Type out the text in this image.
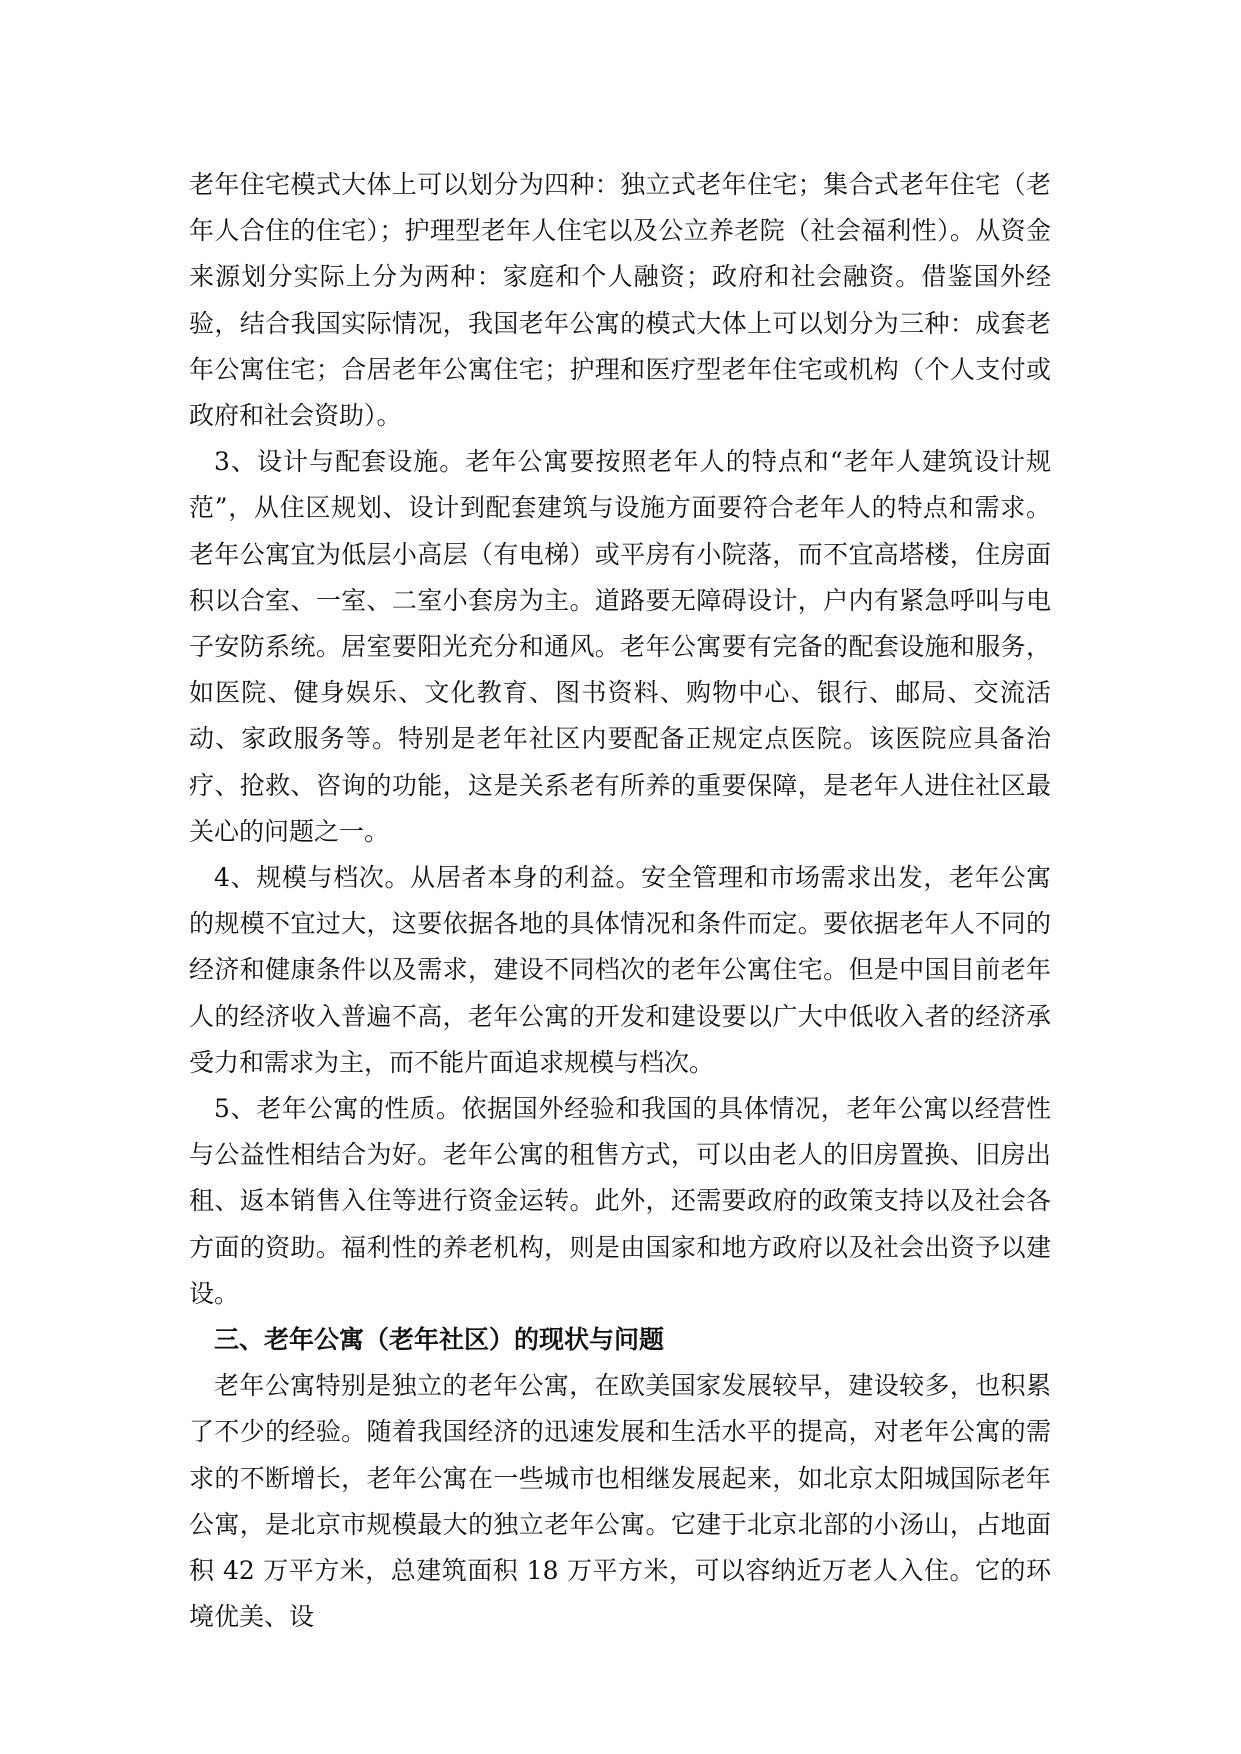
老年住宅模式大体上可以划分为四种：独立式老年住宅；集合式老年住宅（老年人合住的住宅）；护理型老年人住宅以及公立养老院（社会福利性）。从资金来源划分实际上分为两种：家庭和个人融资；政府和社会融资。借鉴国外经验，结合我国实际情况，我国老年公寓的模式大体上可以划分为三种：成套老年公寓住宅；合居老年公寓住宅；护理和医疗型老年住宅或机构（个人支付或政府和社会资助）。

3、设计与配套设施。老年公寓要按照老年人的特点和“老年人建筑设计规范”，从住区规划、设计到配套建筑与设施方面要符合老年人的特点和需求。老年公寓宜为低层小高层（有电梯）或平房有小院落，而不宜高塔楼，住房面积以合室、一室、二室小套房为主。道路要无障碍设计，户内有紧急呼叫与电子安防系统。居室要阳光充分和通风。老年公寓要有完备的配套设施和服务，如医院、健身娱乐、文化教育、图书资料、购物中心、银行、邮局、交流活动、家政服务等。特别是老年社区内要配备正规定点医院。该医院应具备治疗、抢救、咨询的功能，这是关系老有所养的重要保障，是老年人进住社区最关心的问题之一。

4、规模与档次。从居者本身的利益。安全管理和市场需求出发，老年公寓的规模不宜过大，这要依据各地的具体情况和条件而定。要依据老年人不同的经济和健康条件以及需求，建设不同档次的老年公寓住宅。但是中国目前老年人的经济收入普遍不高，老年公寓的开发和建设要以广大中低收入者的经济承受力和需求为主，而不能片面追求规模与档次。

5、老年公寓的性质。依据国外经验和我国的具体情况，老年公寓以经营性与公益性相结合为好。老年公寓的租售方式，可以由老人的旧房置换、旧房出租、返本销售入住等进行资金运转。此外，还需要政府的政策支持以及社会各方面的资助。福利性的养老机构，则是由国家和地方政府以及社会出资予以建设。

三、老年公寓（老年社区）的现状与问题

老年公寓特别是独立的老年公寓，在欧美国家发展较早，建设较多，也积累了不少的经验。随着我国经济的迅速发展和生活水平的提高，对老年公寓的需求的不断增长，老年公寓在一些城市也相继发展起来，如北京太阳城国际老年公寓，是北京市规模最大的独立老年公寓。它建于北京北部的小汤山，占地面积 42 万平方米，总建筑面积 18 万平方米，可以容纳近万老人入住。它的环境优美、设
